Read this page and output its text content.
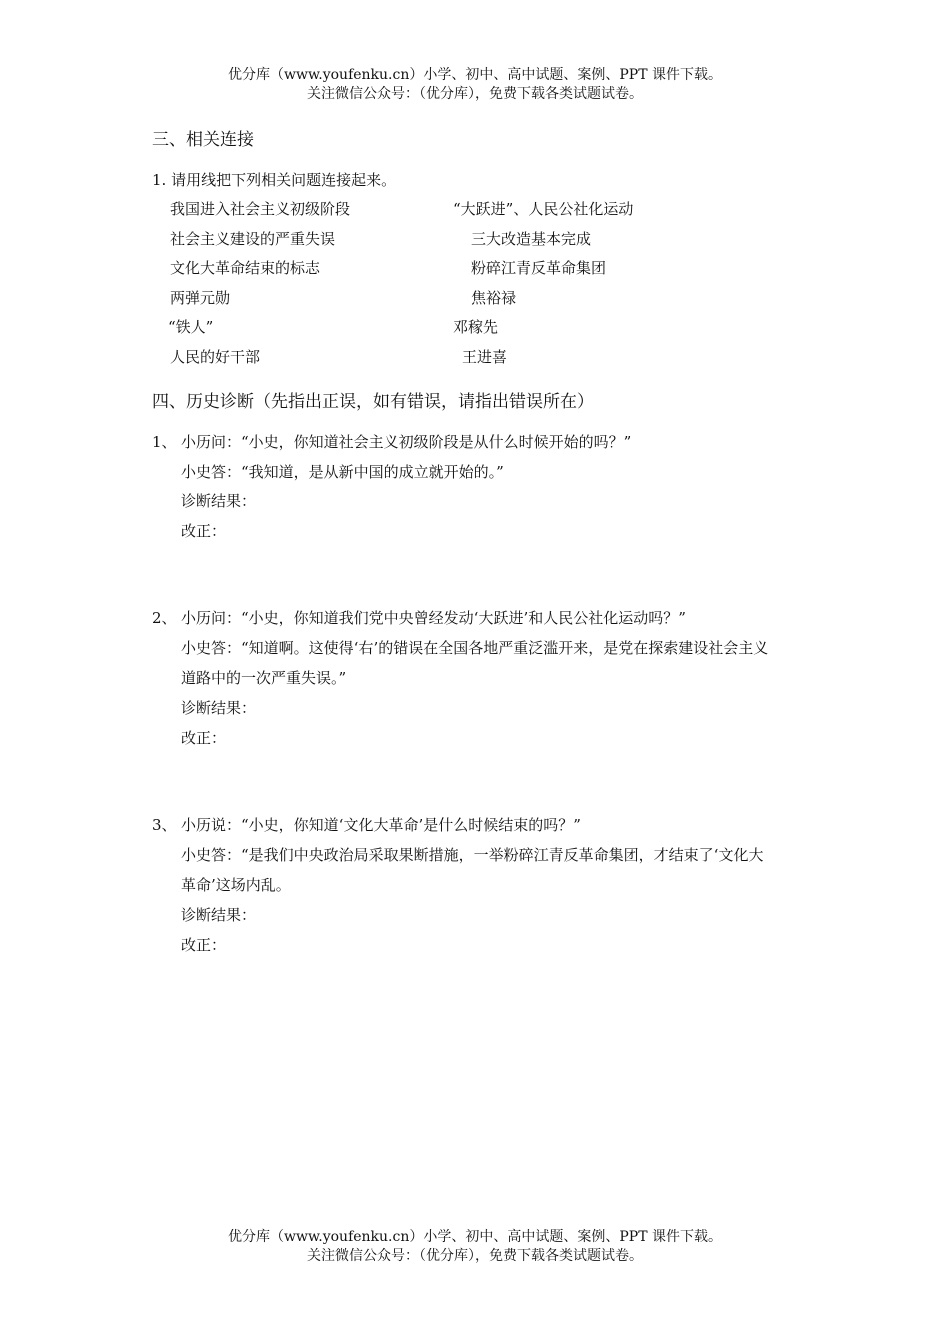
优分库（www.youfenku.cn）小学、初中、高中试题、案例、PPT 课件下载。
关注微信公众号：（优分库），免费下载各类试题试卷。
三、相关连接
1. 请用线把下列相关问题连接起来。
我国进入社会主义初级阶段
社会主义建设的严重失误
文化大革命结束的标志
两弹元勋
“铁人”
人民的好干部
“大跃进”、人民公社化运动
三大改造基本完成
粉碎江青反革命集团
焦裕禄
邓稼先
王进喜
四、历史诊断（先指出正误，如有错误，请指出错误所在）
1、 小历问：“小史，你知道社会主义初级阶段是从什么时候开始的吗？”
小史答：“我知道，是从新中国的成立就开始的。”
诊断结果：
改正：
2、 小历问：“小史，你知道我们党中央曾经发动‘大跃进’和人民公社化运动吗？”
小史答：“知道啊。这使得‘右’的错误在全国各地严重泛滥开来，是党在探索建设社会主义
道路中的一次严重失误。”
诊断结果：
改正：
3、 小历说：“小史，你知道‘文化大革命’是什么时候结束的吗？”
小史答：“是我们中央政治局采取果断措施，一举粉碎江青反革命集团，才结束了‘文化大
革命’这场内乱。
诊断结果：
改正：
优分库（www.youfenku.cn）小学、初中、高中试题、案例、PPT 课件下载。
关注微信公众号：（优分库），免费下载各类试题试卷。
